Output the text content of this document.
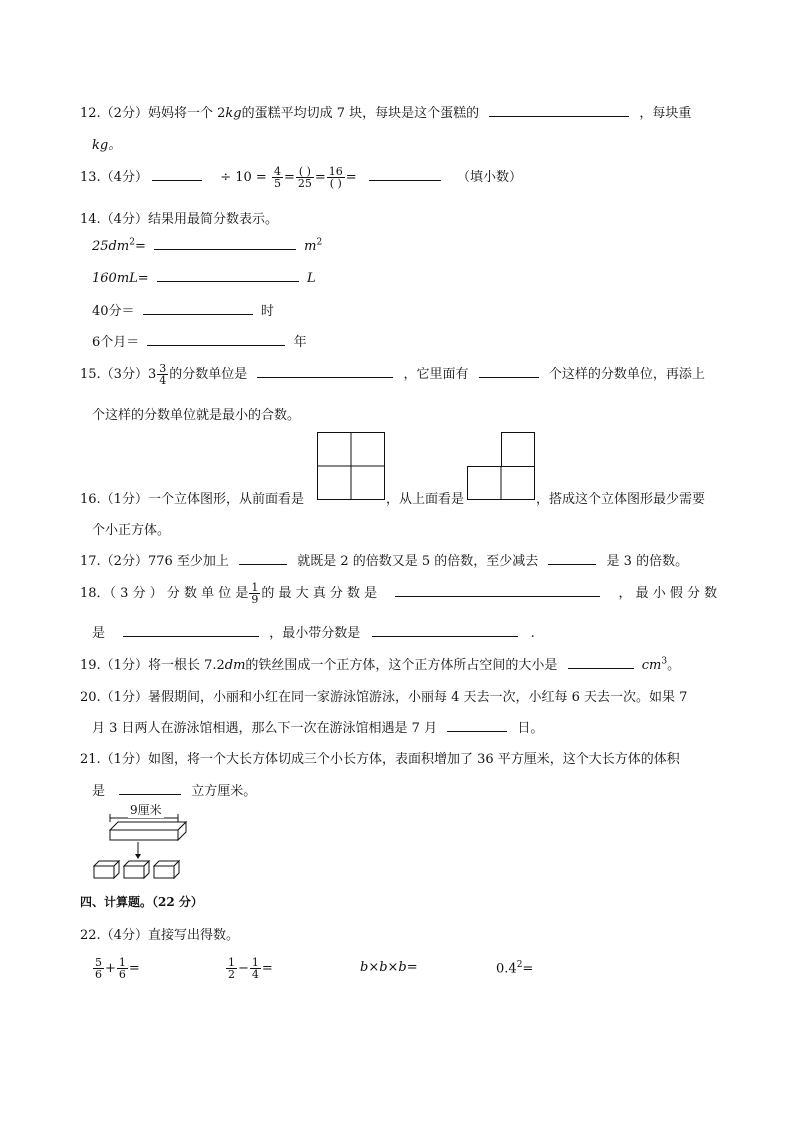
12.（2分）妈妈将一个 2kg的蛋糕平均切成 7 块，每块是这个蛋糕的	，每块重
kg。
13.（4分）	÷ $10 = \frac{4}{5} = \frac{( )}{25} = \frac{16}{( )}$ =	（填小数）
14.（4分）结果用最简分数表示。
$25dm^2=$	$m^2$
160mL=	L
40分＝	时
6个月＝	年
15.（3分）$3 \frac{3}{4}$ 的分数单位是	，它里面有	个这样的分数单位，再添上
个这样的分数单位就是最小的合数。
16.（1分）一个立体图形，从前面看是	，从上面看是	，搭成这个立体图形最少需要
个小正方体。
17.（2分）776 至少加上	就既是 2 的倍数又是 5 的倍数，至少减去	是 3 的倍数。
18．（ 3 分 ） 分 数 单 位 是 $\frac{1}{9}$ 的 最 大 真 分 数 是	， 最 小 假 分 数
是	，最小带分数是	.
19.（1分）将一根长 7.2dm的铁丝围成一个正方体，这个正方体所占空间的大小是	$cm^3$。
20.（1分）暑假期间，小丽和小红在同一家游泳馆游泳，小丽每 4 天去一次，小红每 6 天去一次。如果 7
月 3 日两人在游泳馆相遇，那么下一次在游泳馆相遇是 7 月	日。
21.（1分）如图，将一个大长方体切成三个小长方体，表面积增加了 36 平方厘米，这个大长方体的体积
是	立方厘米。
9厘米
四、计算题。（22 分）
22.（4分）直接写出得数。
$\frac{5}{6} + \frac{1}{6}$ =	$\frac{1}{2} - \frac{1}{4}$ =	b×b×b=	$0.4^2=$
